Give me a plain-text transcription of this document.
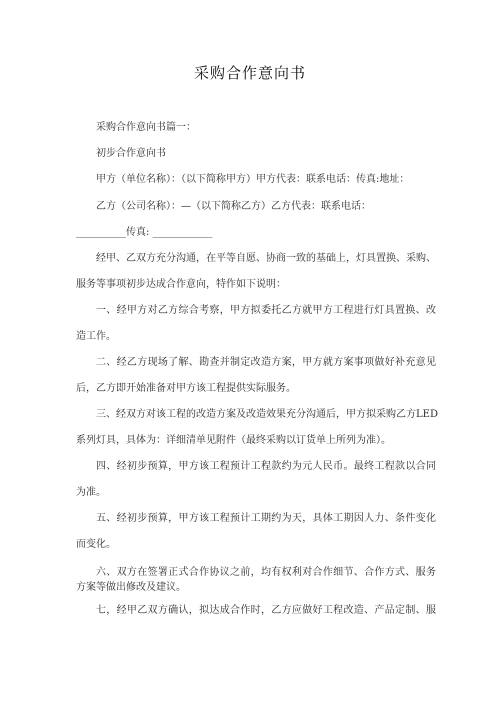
采购合作意向书
采购合作意向书篇一：
初步合作意向书
甲方（单位名称）：（以下简称甲方）甲方代表：联系电话：传真:地址：
乙方（公司名称）：—（以下简称乙方）乙方代表：联系电话：
__________传真: ____________
经甲、乙双方充分沟通，在平等自愿、协商一致的基础上，灯具置换、采购、
服务等事项初步达成合作意向，特作如下说明：
一、经甲方对乙方综合考察，甲方拟委托乙方就甲方工程进行灯具置换、改
造工作。
二、经乙方现场了解、勘查并制定改造方案，甲方就方案事项做好补充意见
后，乙方即开始准备对甲方该工程提供实际服务。
三、经双方对该工程的改造方案及改造效果充分沟通后，甲方拟采购乙方LED
系列灯具，具体为：详细清单见附件（最终采购以订货单上所列为准）。
四、经初步预算，甲方该工程预计工程款约为元人民币。最终工程款以合同
为准。
五、经初步预算，甲方该工程预计工期约为天，具体工期因人力、条件变化
而变化。
六、双方在签署正式合作协议之前，均有权利对合作细节、合作方式、服务
方案等做出修改及建议。
七，经甲乙双方确认，拟达成合作时，乙方应做好工程改造、产品定制、服
